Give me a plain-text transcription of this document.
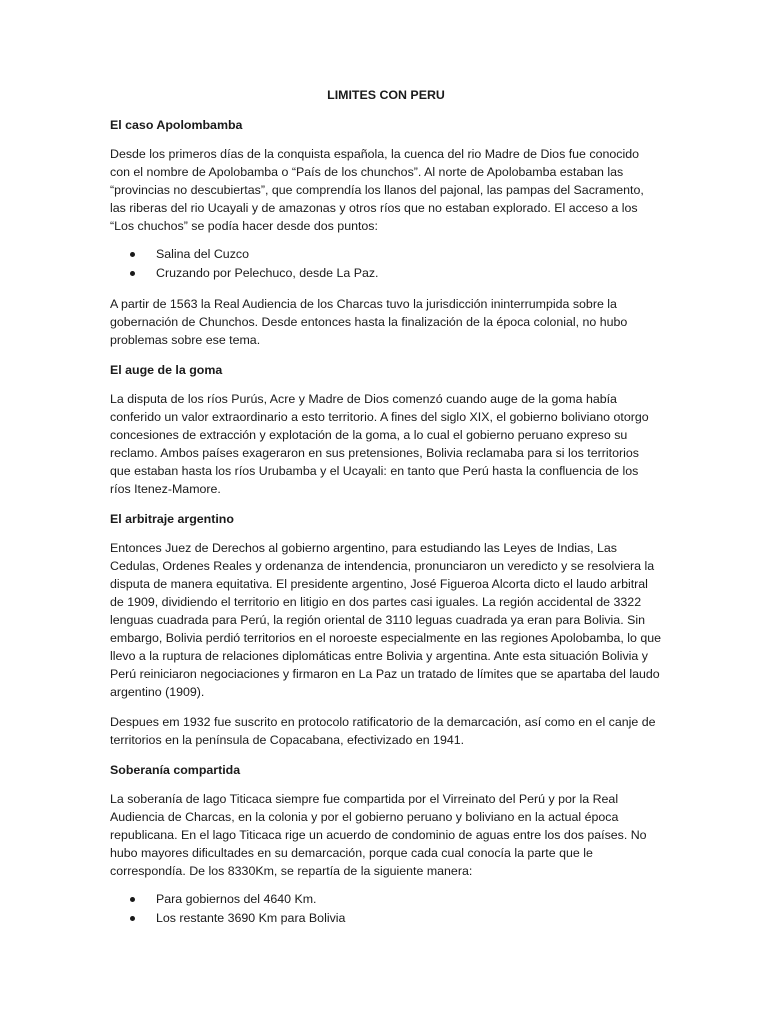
LIMITES CON PERU
El caso Apolombamba

Desde los primeros días de la conquista española, la cuenca del rio Madre de Dios fue conocido con el nombre de Apolobamba o “País de los chunchos”. Al norte de Apolobamba estaban las “provincias no descubiertas”, que comprendía los llanos del pajonal, las pampas del Sacramento, las riberas del rio Ucayali y de amazonas y otros ríos que no estaban explorado. El acceso a los “Los chuchos” se podía hacer desde dos puntos:

Salina del Cuzco
Cruzando por Pelechuco, desde La Paz.

A partir de 1563 la Real Audiencia de los Charcas tuvo la jurisdicción ininterrumpida sobre la gobernación de Chunchos. Desde entonces hasta la finalización de la época colonial, no hubo problemas sobre ese tema.

El auge de la goma

La disputa de los ríos Purús, Acre y Madre de Dios comenzó cuando auge de la goma había conferido un valor extraordinario a esto territorio. A fines del siglo XIX, el gobierno boliviano otorgo concesiones de extracción y explotación de la goma, a lo cual el gobierno peruano expreso su reclamo. Ambos países exageraron en sus pretensiones, Bolivia reclamaba para si los territorios que estaban hasta los ríos Urubamba y el Ucayali: en tanto que Perú hasta la confluencia de los ríos Itenez-Mamore.

El arbitraje argentino

Entonces Juez de Derechos al gobierno argentino, para estudiando las Leyes de Indias, Las Cedulas, Ordenes Reales y ordenanza de intendencia, pronunciaron un veredicto y se resolviera la disputa de manera equitativa. El presidente argentino, José Figueroa Alcorta dicto el laudo arbitral de 1909, dividiendo el territorio en litigio en dos partes casi iguales. La región accidental de 3322 lenguas cuadrada para Perú, la región oriental de 3110 leguas cuadrada ya eran para Bolivia. Sin embargo, Bolivia perdió territorios en el noroeste especialmente en las regiones Apolobamba, lo que llevo a la ruptura de relaciones diplomáticas entre Bolivia y argentina. Ante esta situación Bolivia y Perú reiniciaron negociaciones y firmaron en La Paz un tratado de límites que se apartaba del laudo argentino (1909).

Despues em 1932 fue suscrito en protocolo ratificatorio de la demarcación, así como en el canje de territorios en la península de Copacabana, efectivizado en 1941.

Soberanía compartida

La soberanía de lago Titicaca siempre fue compartida por el Virreinato del Perú y por la Real Audiencia de Charcas, en la colonia y por el gobierno peruano y boliviano en la actual época republicana. En el lago Titicaca rige un acuerdo de condominio de aguas entre los dos países. No hubo mayores dificultades en su demarcación, porque cada cual conocía la parte que le correspondía. De los 8330Km, se repartía de la siguiente manera:

Para gobiernos del 4640 Km.
Los restante 3690 Km para Bolivia
